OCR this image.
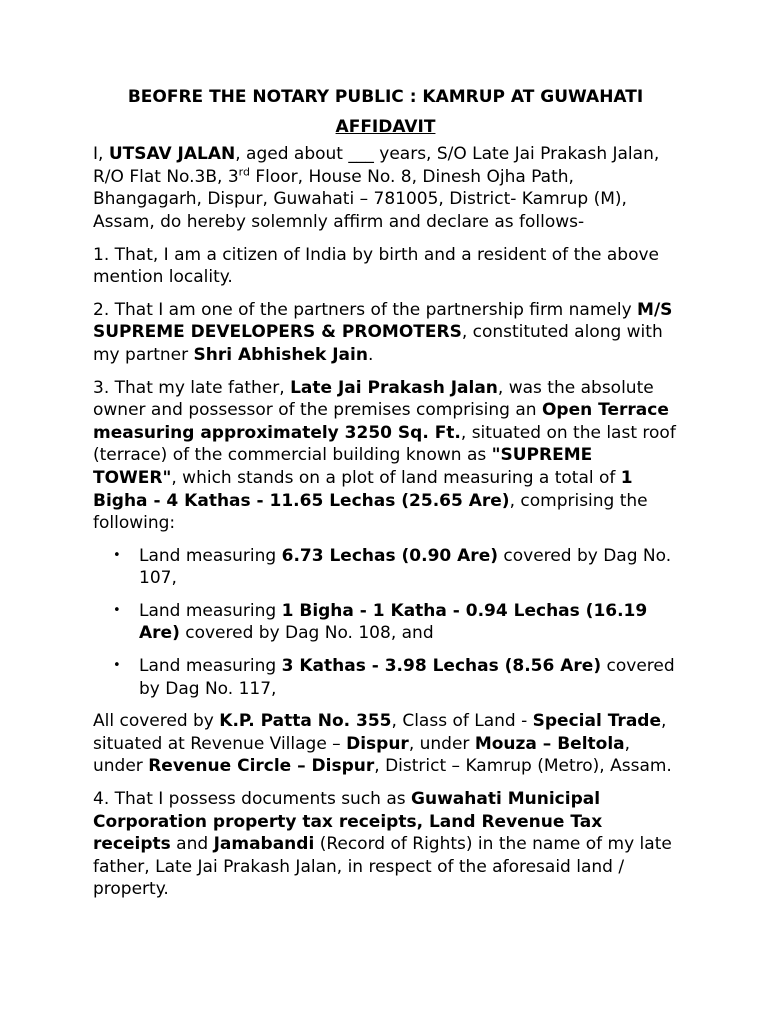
BEOFRE THE NOTARY PUBLIC : KAMRUP AT GUWAHATI
AFFIDAVIT

I, UTSAV JALAN, aged about ___ years, S/O Late Jai Prakash Jalan, R/O Flat No.3B, 3rd Floor, House No. 8, Dinesh Ojha Path, Bhangagarh, Dispur, Guwahati – 781005, District- Kamrup (M), Assam, do hereby solemnly affirm and declare as follows-

1. That, I am a citizen of India by birth and a resident of the above mention locality.

2. That I am one of the partners of the partnership firm namely M/S SUPREME DEVELOPERS & PROMOTERS, constituted along with my partner Shri Abhishek Jain.

3. That my late father, Late Jai Prakash Jalan, was the absolute owner and possessor of the premises comprising an Open Terrace measuring approximately 3250 Sq. Ft., situated on the last roof (terrace) of the commercial building known as "SUPREME TOWER", which stands on a plot of land measuring a total of 1 Bigha - 4 Kathas - 11.65 Lechas (25.65 Are), comprising the following:

• Land measuring 6.73 Lechas (0.90 Are) covered by Dag No. 107,
• Land measuring 1 Bigha - 1 Katha - 0.94 Lechas (16.19 Are) covered by Dag No. 108, and
• Land measuring 3 Kathas - 3.98 Lechas (8.56 Are) covered by Dag No. 117,

All covered by K.P. Patta No. 355, Class of Land - Special Trade, situated at Revenue Village – Dispur, under Mouza – Beltola, under Revenue Circle – Dispur, District – Kamrup (Metro), Assam.

4. That I possess documents such as Guwahati Municipal Corporation property tax receipts, Land Revenue Tax receipts and Jamabandi (Record of Rights) in the name of my late father, Late Jai Prakash Jalan, in respect of the aforesaid land / property.
